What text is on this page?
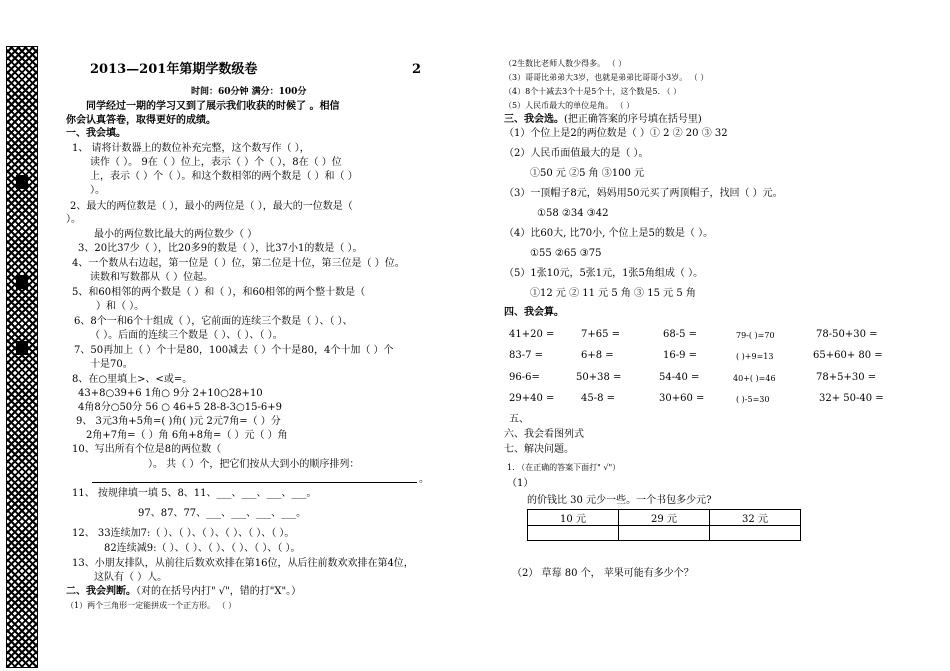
2013—201年第期学数级卷	2
时间：60分钟 满分：100分
同学经过一期的学习又到了展示我们收获的时候了 。相信
你会认真答卷，取得更好的成绩。
一、我会填。
1、 请将计数器上的数位补充完整，这个数写作（ ），
读作（ ）。 9在（ ）位上，表示（ ）个（ ），8在（ ）位
上，表示（ ）个（ ）。和这个数相邻的两个数是（ ）和（ ）
）。
2、最大的两位数是（ ），最小的两位是（ ），最大的一位数是（
）。
最小的两位数比最大的两位数少（ ）
3、20比37少（ ），比20多9的数是（ ），比37小1的数是（ ）。
4、一个数从右边起，第一位是（ ）位，第二位是十位，第三位是（ ）位。
读数和写数都从（ ）位起。
5、和60相邻的两个数是（ ）和（ ），和60相邻的两个整十数是（
）和（ ）。
6、8个一和6个十组成（ ），它前面的连续三个数是（ ）、（ ）、
（ ）。后面的连续三个数是（ ）、（ ）、（ ）。
7、50再加上（ ）个十是80，100减去（ ）个十是80，4个十加（ ）个
十是70。
8、在○里填上>、<或=。
43+8○39+6 1角○ 9分 2+10○28+10
4角8分○50分 56 ○ 46+5 28-8-3○15-6+9
9、 3元3角+5角=( )角( )元 2元7角=（ ）分
2角+7角=（ ）角 6角+8角=（ ）元（ ）角
10、写出所有个位是8的两位数（
）。 共（ ）个，把它们按从大到小的顺序排列：
。
11、 按规律填一填 5、8、11、___、___、___、___。
97、87、77、___、___、___、___。
12、 33连续加7:（ ）、（ ）、（ ）、（ ）、（ ）、（ ）。
82连续减9:（ ）、（ ）、（ ）、（ ）、（ ）、（ ）。
13、小朋友排队，从前往后数欢欢排在第16位，从后往前数欢欢排在第4位，
这队有（ ）人。
二、我会判断。（对的在括号内打" √"，错的打"X"。）
（1）两个三角形一定能拼成一个正方形。 （ ）
（2生数比老师人数少得多。 （ ）
（3）哥哥比弟弟大3岁，也就是弟弟比哥哥小3岁。 （ ）
（4）8个十减去3个十是5个十，这个数是5. （ ）
（5）人民币最大的单位是角。 （ ）
三、我会选。(把正确答案的序号填在括号里)
（1）个位上是2的两位数是（ ）① 2 ② 20 ③ 32
（2）人民币面值最大的是（ ）。
①50 元 ②5 角 ③100 元
（3）一顶帽子8元，妈妈用50元买了两顶帽子，找回（ ）元。
①58 ②34 ③42
（4）比60大, 比70小, 个位上是5的数是（ ）。
①55 ②65 ③75
（5）1张10元，5张1元，1张5角组成（ ）。
①12 元 ② 11 元 5 角 ③ 15 元 5 角
四、我会算。
41+20 =	7+65 =	68-5 =	79-( )=70	78-50+30 =
83-7 =	6+8 =	16-9 =	( )+9=13	65+60+ 80 =
96-6=	50+38 =	54-40 =	40+( )=46	78+5+30 =
29+40 =	45-8 =	30+60 =	( )-5=30	32+ 50-40 =
五、
六、我会看图列式
七、解决问题。
1. （在正确的答案下面打" √"）
（1）
的价钱比 30 元少一些。一个书包多少元?
10 元	29 元	32 元

（2） 草莓 80 个， 苹果可能有多少个？
